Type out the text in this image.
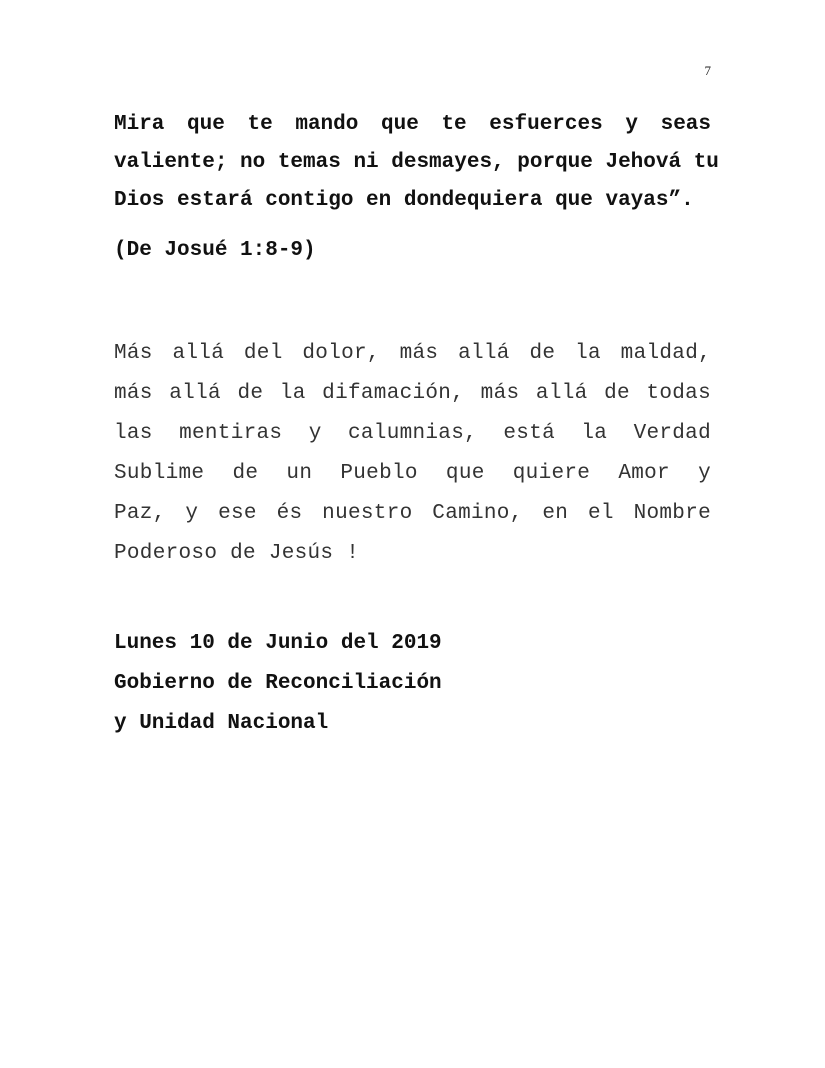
7

Mira que te mando que te esfuerces y seas
valiente; no temas ni desmayes, porque Jehová tu
Dios estará contigo en dondequiera que vayas”.

(De Josué 1:8-9)

Más allá del dolor, más allá de la maldad,
más allá de la difamación, más allá de todas
las mentiras y calumnias, está la Verdad
Sublime de un Pueblo que quiere Amor y
Paz, y ese és nuestro Camino, en el Nombre
Poderoso de Jesús !

Lunes 10 de Junio del 2019
Gobierno de Reconciliación
y Unidad Nacional
